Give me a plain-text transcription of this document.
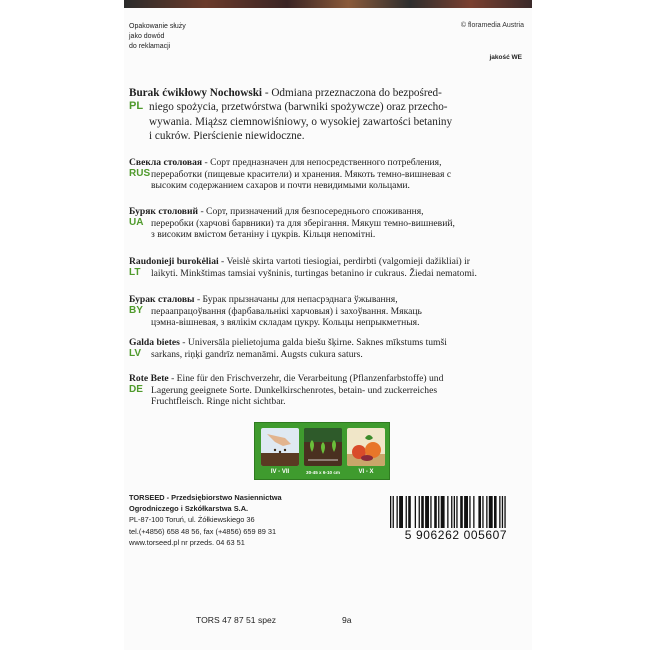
Opakowanie służy
jako dowód
do reklamacji
© floramedia Austria
jakość WE
PL
Burak ćwikłowy Nochowski - Odmiana przeznaczona do bezpośred-
niego spożycia, przetwórstwa (barwniki spożywcze) oraz przecho-
wywania. Miąższ ciemnowiśniowy, o wysokiej zawartości betaniny
i cukrów. Pierścienie niewidoczne.
RUS
Свекла столовая - Сорт предназначен для непосредственного потребления,
переработки (пищевые красители) и хранения. Мякоть темно-вишневая с
высоким содержанием сахаров и почти невидимыми кольцами.
UA
Буряк столовий - Сорт, призначений для безпосереднього споживання,
переробки (харчові барвники) та для зберігання. Мякуш темно-вишневий,
з високим вмістом бетаніну і цукрів. Кільця непомітні.
LT
Raudonieji burokėliai - Veislė skirta vartoti tiesiogiai, perdirbti (valgomieji dažikliai) ir
laikyti. Minkštimas tamsiai vyšninis, turtingas betanino ir cukraus. Žiedai nematomi.
BY
Бурак сталовы - Бурак прызначаны для непасрэднага ўжывання,
пераапрацоўвання (фарбавальнікі харчовыя) і захоўвання. Мякаць
цэмна-вішневая, з вялікім складам цукру. Кольцы непрыкметныя.
LV
Galda bietes - Universāla pielietojuma galda biešu šķirne. Saknes mīkstums tumši
sarkans, riņķi gandrīz nemanāmi. Augsts cukura saturs.
DE
Rote Bete - Eine für den Frischverzehr, die Verarbeitung (Pflanzenfarbstoffe) und
Lagerung geeignete Sorte. Dunkelkirschenrotes, betain- und zuckerreiches
Fruchtfleisch. Ringe nicht sichtbar.
IV - VII	30-45 x 6-10 cm	VI - X
TORSEED - Przedsiębiorstwo Nasiennictwa
Ogrodniczego i Szkółkarstwa S.A.
PL-87-100 Toruń, ul. Żółkiewskiego 36
tel.(+4856) 658 48 56, fax (+4856) 659 89 31
www.torseed.pl nr przeds. 04 63 51
5 906262 005607
TORS 47 87 51 spez	9a
